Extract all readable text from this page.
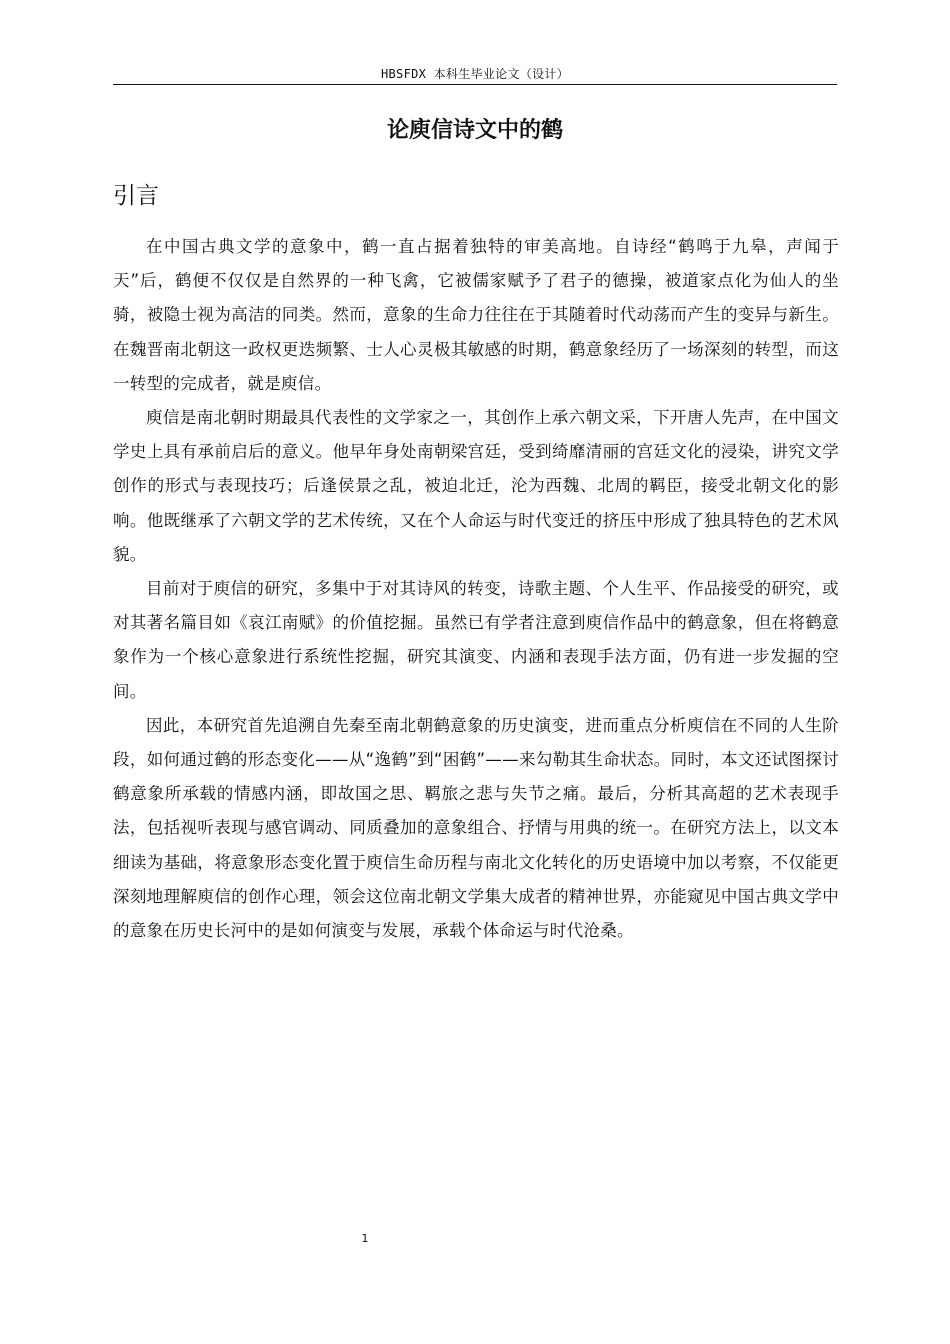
HBSFDX 本科生毕业论文（设计）
论庾信诗文中的鹤
引言

在中国古典文学的意象中，鹤一直占据着独特的审美高地。自诗经“鹤鸣于九皋，声闻于天”后，鹤便不仅仅是自然界的一种飞禽，它被儒家赋予了君子的德操，被道家点化为仙人的坐骑，被隐士视为高洁的同类。然而，意象的生命力往往在于其随着时代动荡而产生的变异与新生。在魏晋南北朝这一政权更迭频繁、士人心灵极其敏感的时期，鹤意象经历了一场深刻的转型，而这一转型的完成者，就是庾信。

庾信是南北朝时期最具代表性的文学家之一，其创作上承六朝文采，下开唐人先声，在中国文学史上具有承前启后的意义。他早年身处南朝梁宫廷，受到绮靡清丽的宫廷文化的浸染，讲究文学创作的形式与表现技巧；后逢侯景之乱，被迫北迁，沦为西魏、北周的羁臣，接受北朝文化的影响。他既继承了六朝文学的艺术传统，又在个人命运与时代变迁的挤压中形成了独具特色的艺术风貌。

目前对于庾信的研究，多集中于对其诗风的转变，诗歌主题、个人生平、作品接受的研究，或对其著名篇目如《哀江南赋》的价值挖掘。虽然已有学者注意到庾信作品中的鹤意象，但在将鹤意象作为一个核心意象进行系统性挖掘，研究其演变、内涵和表现手法方面，仍有进一步发掘的空间。

因此，本研究首先追溯自先秦至南北朝鹤意象的历史演变，进而重点分析庾信在不同的人生阶段，如何通过鹤的形态变化——从“逸鹤”到“困鹤”——来勾勒其生命状态。同时，本文还试图探讨鹤意象所承载的情感内涵，即故国之思、羁旅之悲与失节之痛。最后，分析其高超的艺术表现手法，包括视听表现与感官调动、同质叠加的意象组合、抒情与用典的统一。在研究方法上，以文本细读为基础，将意象形态变化置于庾信生命历程与南北文化转化的历史语境中加以考察，不仅能更深刻地理解庾信的创作心理，领会这位南北朝文学集大成者的精神世界，亦能窥见中国古典文学中的意象在历史长河中的是如何演变与发展，承载个体命运与时代沧桑。

1
